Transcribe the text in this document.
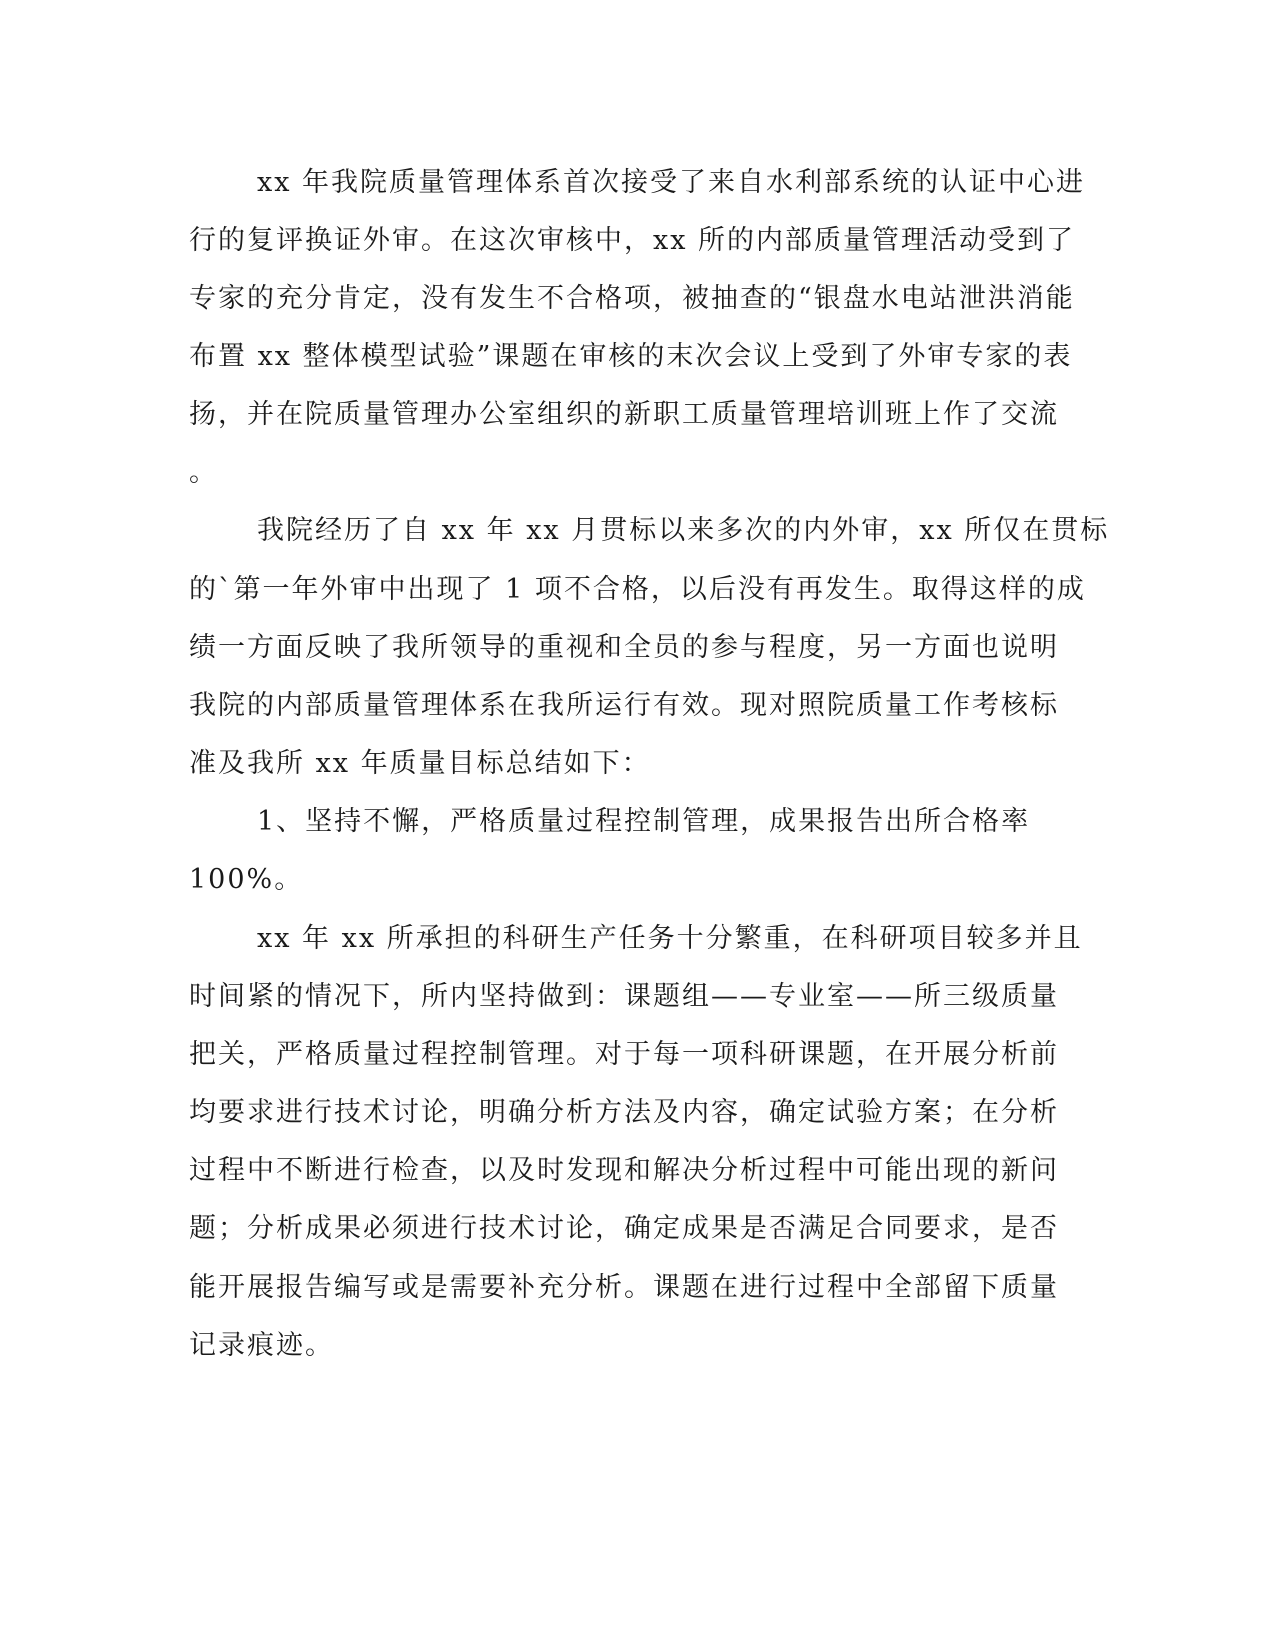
xx 年我院质量管理体系首次接受了来自水利部系统的认证中心进
行的复评换证外审。在这次审核中，xx 所的内部质量管理活动受到了
专家的充分肯定，没有发生不合格项，被抽查的“银盘水电站泄洪消能
布置 xx 整体模型试验”课题在审核的末次会议上受到了外审专家的表
扬，并在院质量管理办公室组织的新职工质量管理培训班上作了交流
。
我院经历了自 xx 年 xx 月贯标以来多次的内外审，xx 所仅在贯标
的`第一年外审中出现了 1 项不合格，以后没有再发生。取得这样的成
绩一方面反映了我所领导的重视和全员的参与程度，另一方面也说明
我院的内部质量管理体系在我所运行有效。现对照院质量工作考核标
准及我所 xx 年质量目标总结如下：
1、坚持不懈，严格质量过程控制管理，成果报告出所合格率
100%。
xx 年 xx 所承担的科研生产任务十分繁重，在科研项目较多并且
时间紧的情况下，所内坚持做到：课题组——专业室——所三级质量
把关，严格质量过程控制管理。对于每一项科研课题，在开展分析前
均要求进行技术讨论，明确分析方法及内容，确定试验方案；在分析
过程中不断进行检查，以及时发现和解决分析过程中可能出现的新问
题；分析成果必须进行技术讨论，确定成果是否满足合同要求，是否
能开展报告编写或是需要补充分析。课题在进行过程中全部留下质量
记录痕迹。
